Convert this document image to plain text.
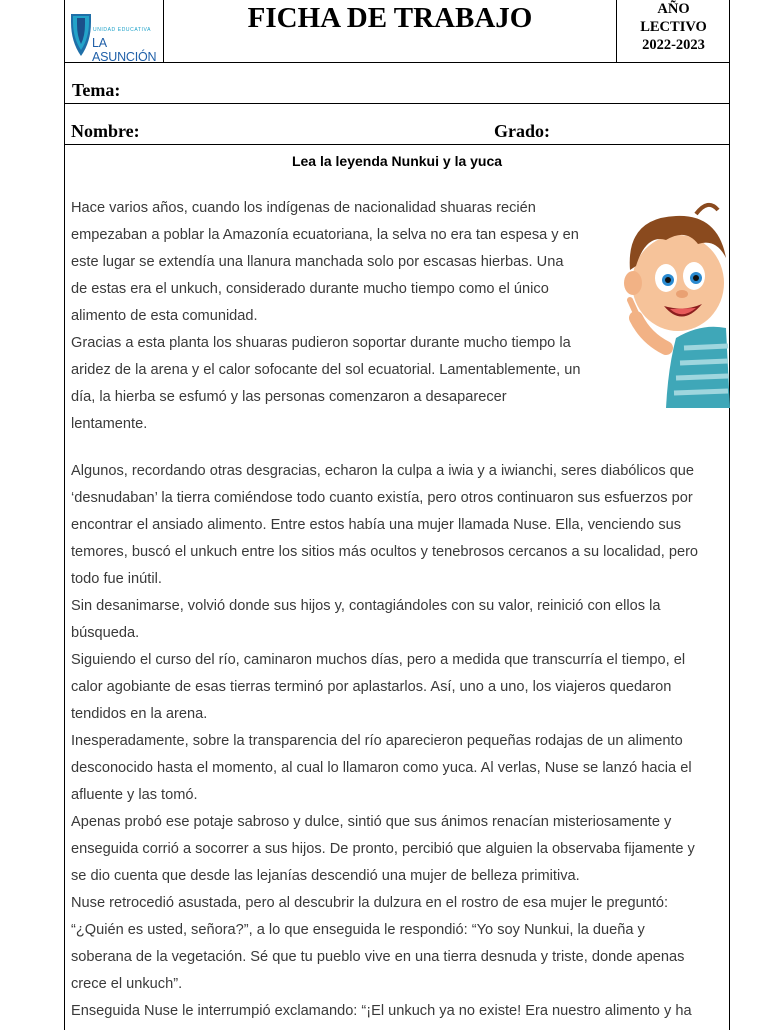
UNIDAD EDUCATIVA
LA ASUNCIÓN
FICHA DE TRABAJO	AÑO
LECTIVO
2022-2023
Tema:
Nombre:	Grado:
Lea la leyenda Nunkui y la yuca
Hace varios años, cuando los indígenas de nacionalidad shuaras recién
empezaban a poblar la Amazonía ecuatoriana, la selva no era tan espesa y en
este lugar se extendía una llanura manchada solo por escasas hierbas. Una
de estas era el unkuch, considerado durante mucho tiempo como el único
alimento de esta comunidad.
Gracias a esta planta los shuaras pudieron soportar durante mucho tiempo la
aridez de la arena y el calor sofocante del sol ecuatorial. Lamentablemente, un
día, la hierba se esfumó y las personas comenzaron a desaparecer
lentamente.
Algunos, recordando otras desgracias, echaron la culpa a iwia y a iwianchi, seres diabólicos que
‘desnudaban’ la tierra comiéndose todo cuanto existía, pero otros continuaron sus esfuerzos por
encontrar el ansiado alimento. Entre estos había una mujer llamada Nuse. Ella, venciendo sus
temores, buscó el unkuch entre los sitios más ocultos y tenebrosos cercanos a su localidad, pero
todo fue inútil.
Sin desanimarse, volvió donde sus hijos y, contagiándoles con su valor, reinició con ellos la
búsqueda.
Siguiendo el curso del río, caminaron muchos días, pero a medida que transcurría el tiempo, el
calor agobiante de esas tierras terminó por aplastarlos. Así, uno a uno, los viajeros quedaron
tendidos en la arena.
Inesperadamente, sobre la transparencia del río aparecieron pequeñas rodajas de un alimento
desconocido hasta el momento, al cual lo llamaron como yuca. Al verlas, Nuse se lanzó hacia el
afluente y las tomó.
Apenas probó ese potaje sabroso y dulce, sintió que sus ánimos renacían misteriosamente y
enseguida corrió a socorrer a sus hijos. De pronto, percibió que alguien la observaba fijamente y
se dio cuenta que desde las lejanías descendió una mujer de belleza primitiva.
Nuse retrocedió asustada, pero al descubrir la dulzura en el rostro de esa mujer le preguntó:
“¿Quién es usted, señora?”, a lo que enseguida le respondió: “Yo soy Nunkui, la dueña y
soberana de la vegetación. Sé que tu pueblo vive en una tierra desnuda y triste, donde apenas
crece el unkuch”.
Enseguida Nuse le interrumpió exclamando: “¡El unkuch ya no existe! Era nuestro alimento y ha
